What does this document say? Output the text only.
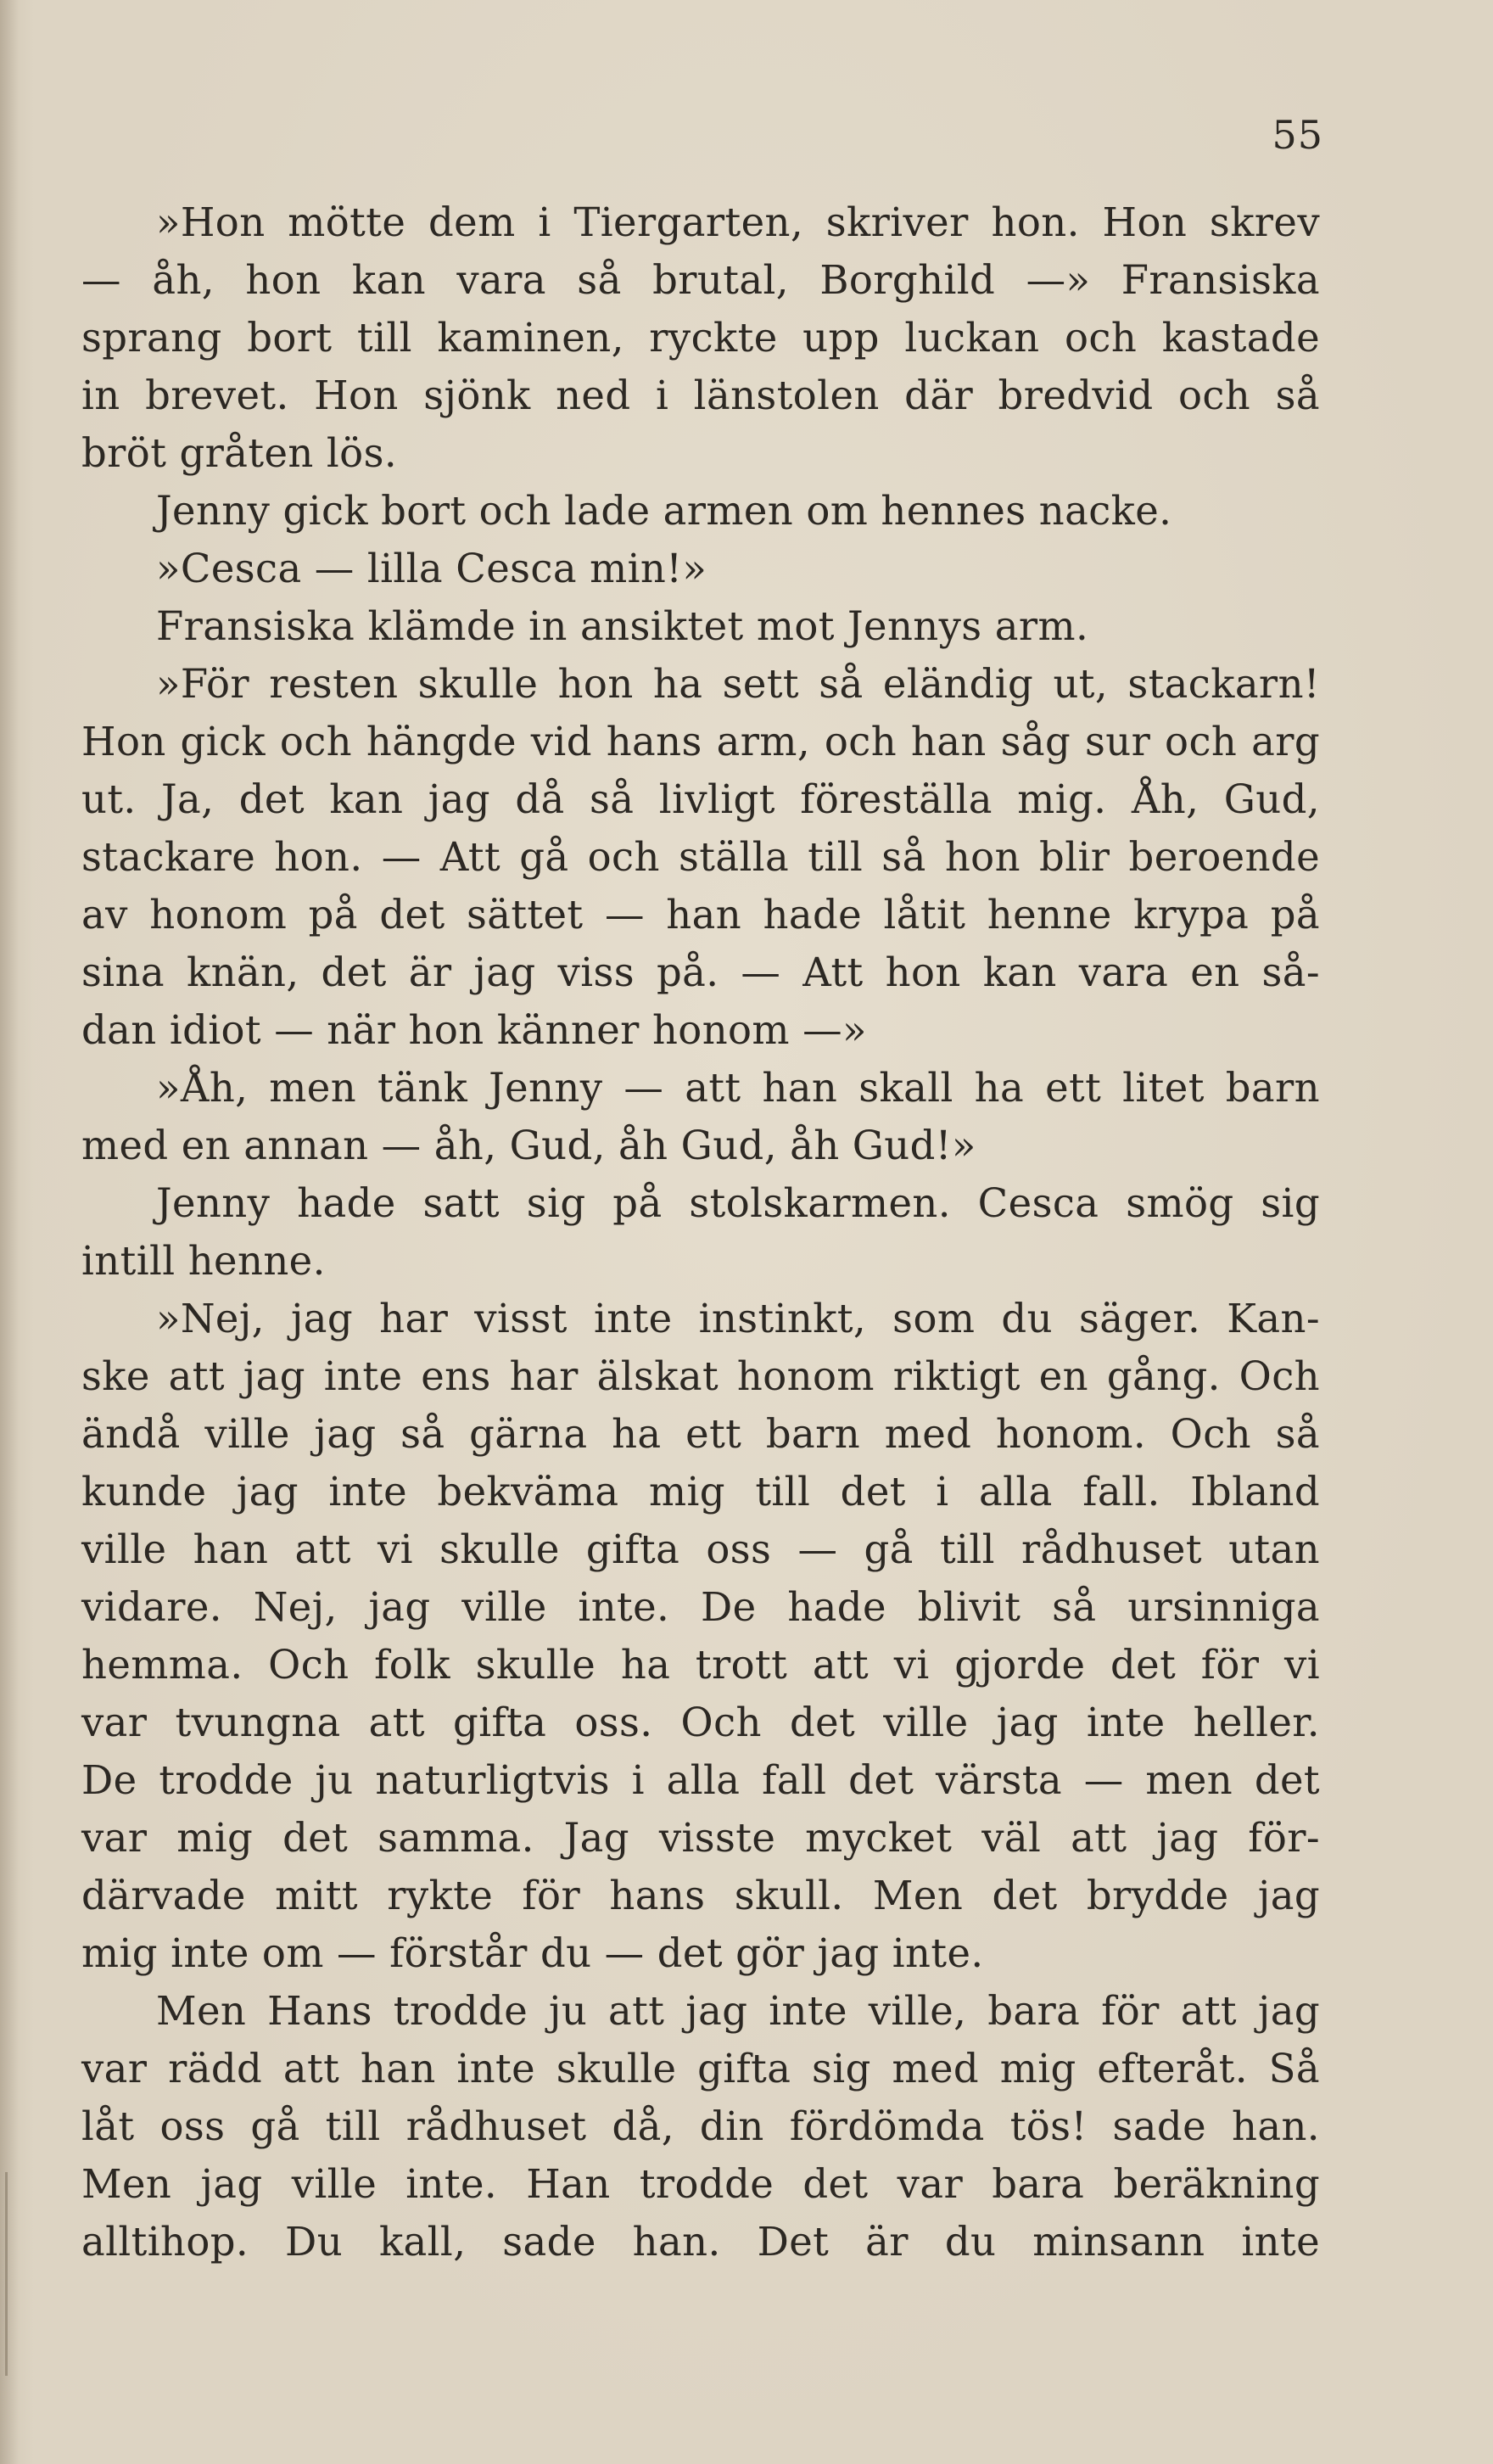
55
»Hon mötte dem i Tiergarten, skriver hon. Hon skrev
— åh, hon kan vara så brutal, Borghild —» Fransiska
sprang bort till kaminen, ryckte upp luckan och kastade
in brevet. Hon sjönk ned i länstolen där bredvid och så
bröt gråten lös.
Jenny gick bort och lade armen om hennes nacke.
»Cesca — lilla Cesca min!»
Fransiska klämde in ansiktet mot Jennys arm.
»För resten skulle hon ha sett så eländig ut, stackarn!
Hon gick och hängde vid hans arm, och han såg sur och arg
ut. Ja, det kan jag då så livligt föreställa mig. Åh, Gud,
stackare hon. — Att gå och ställa till så hon blir beroende
av honom på det sättet — han hade låtit henne krypa på
sina knän, det är jag viss på. — Att hon kan vara en så-
dan idiot — när hon känner honom —»
»Åh, men tänk Jenny — att han skall ha ett litet barn
med en annan — åh, Gud, åh Gud, åh Gud!»
Jenny hade satt sig på stolskarmen. Cesca smög sig
intill henne.
»Nej, jag har visst inte instinkt, som du säger. Kan-
ske att jag inte ens har älskat honom riktigt en gång. Och
ändå ville jag så gärna ha ett barn med honom. Och så
kunde jag inte bekväma mig till det i alla fall. Ibland
ville han att vi skulle gifta oss — gå till rådhuset utan
vidare. Nej, jag ville inte. De hade blivit så ursinniga
hemma. Och folk skulle ha trott att vi gjorde det för vi
var tvungna att gifta oss. Och det ville jag inte heller.
De trodde ju naturligtvis i alla fall det värsta — men det
var mig det samma. Jag visste mycket väl att jag för-
därvade mitt rykte för hans skull. Men det brydde jag
mig inte om — förstår du — det gör jag inte.
Men Hans trodde ju att jag inte ville, bara för att jag
var rädd att han inte skulle gifta sig med mig efteråt. Så
låt oss gå till rådhuset då, din fördömda tös! sade han.
Men jag ville inte. Han trodde det var bara beräkning
alltihop. Du kall, sade han. Det är du minsann inte
